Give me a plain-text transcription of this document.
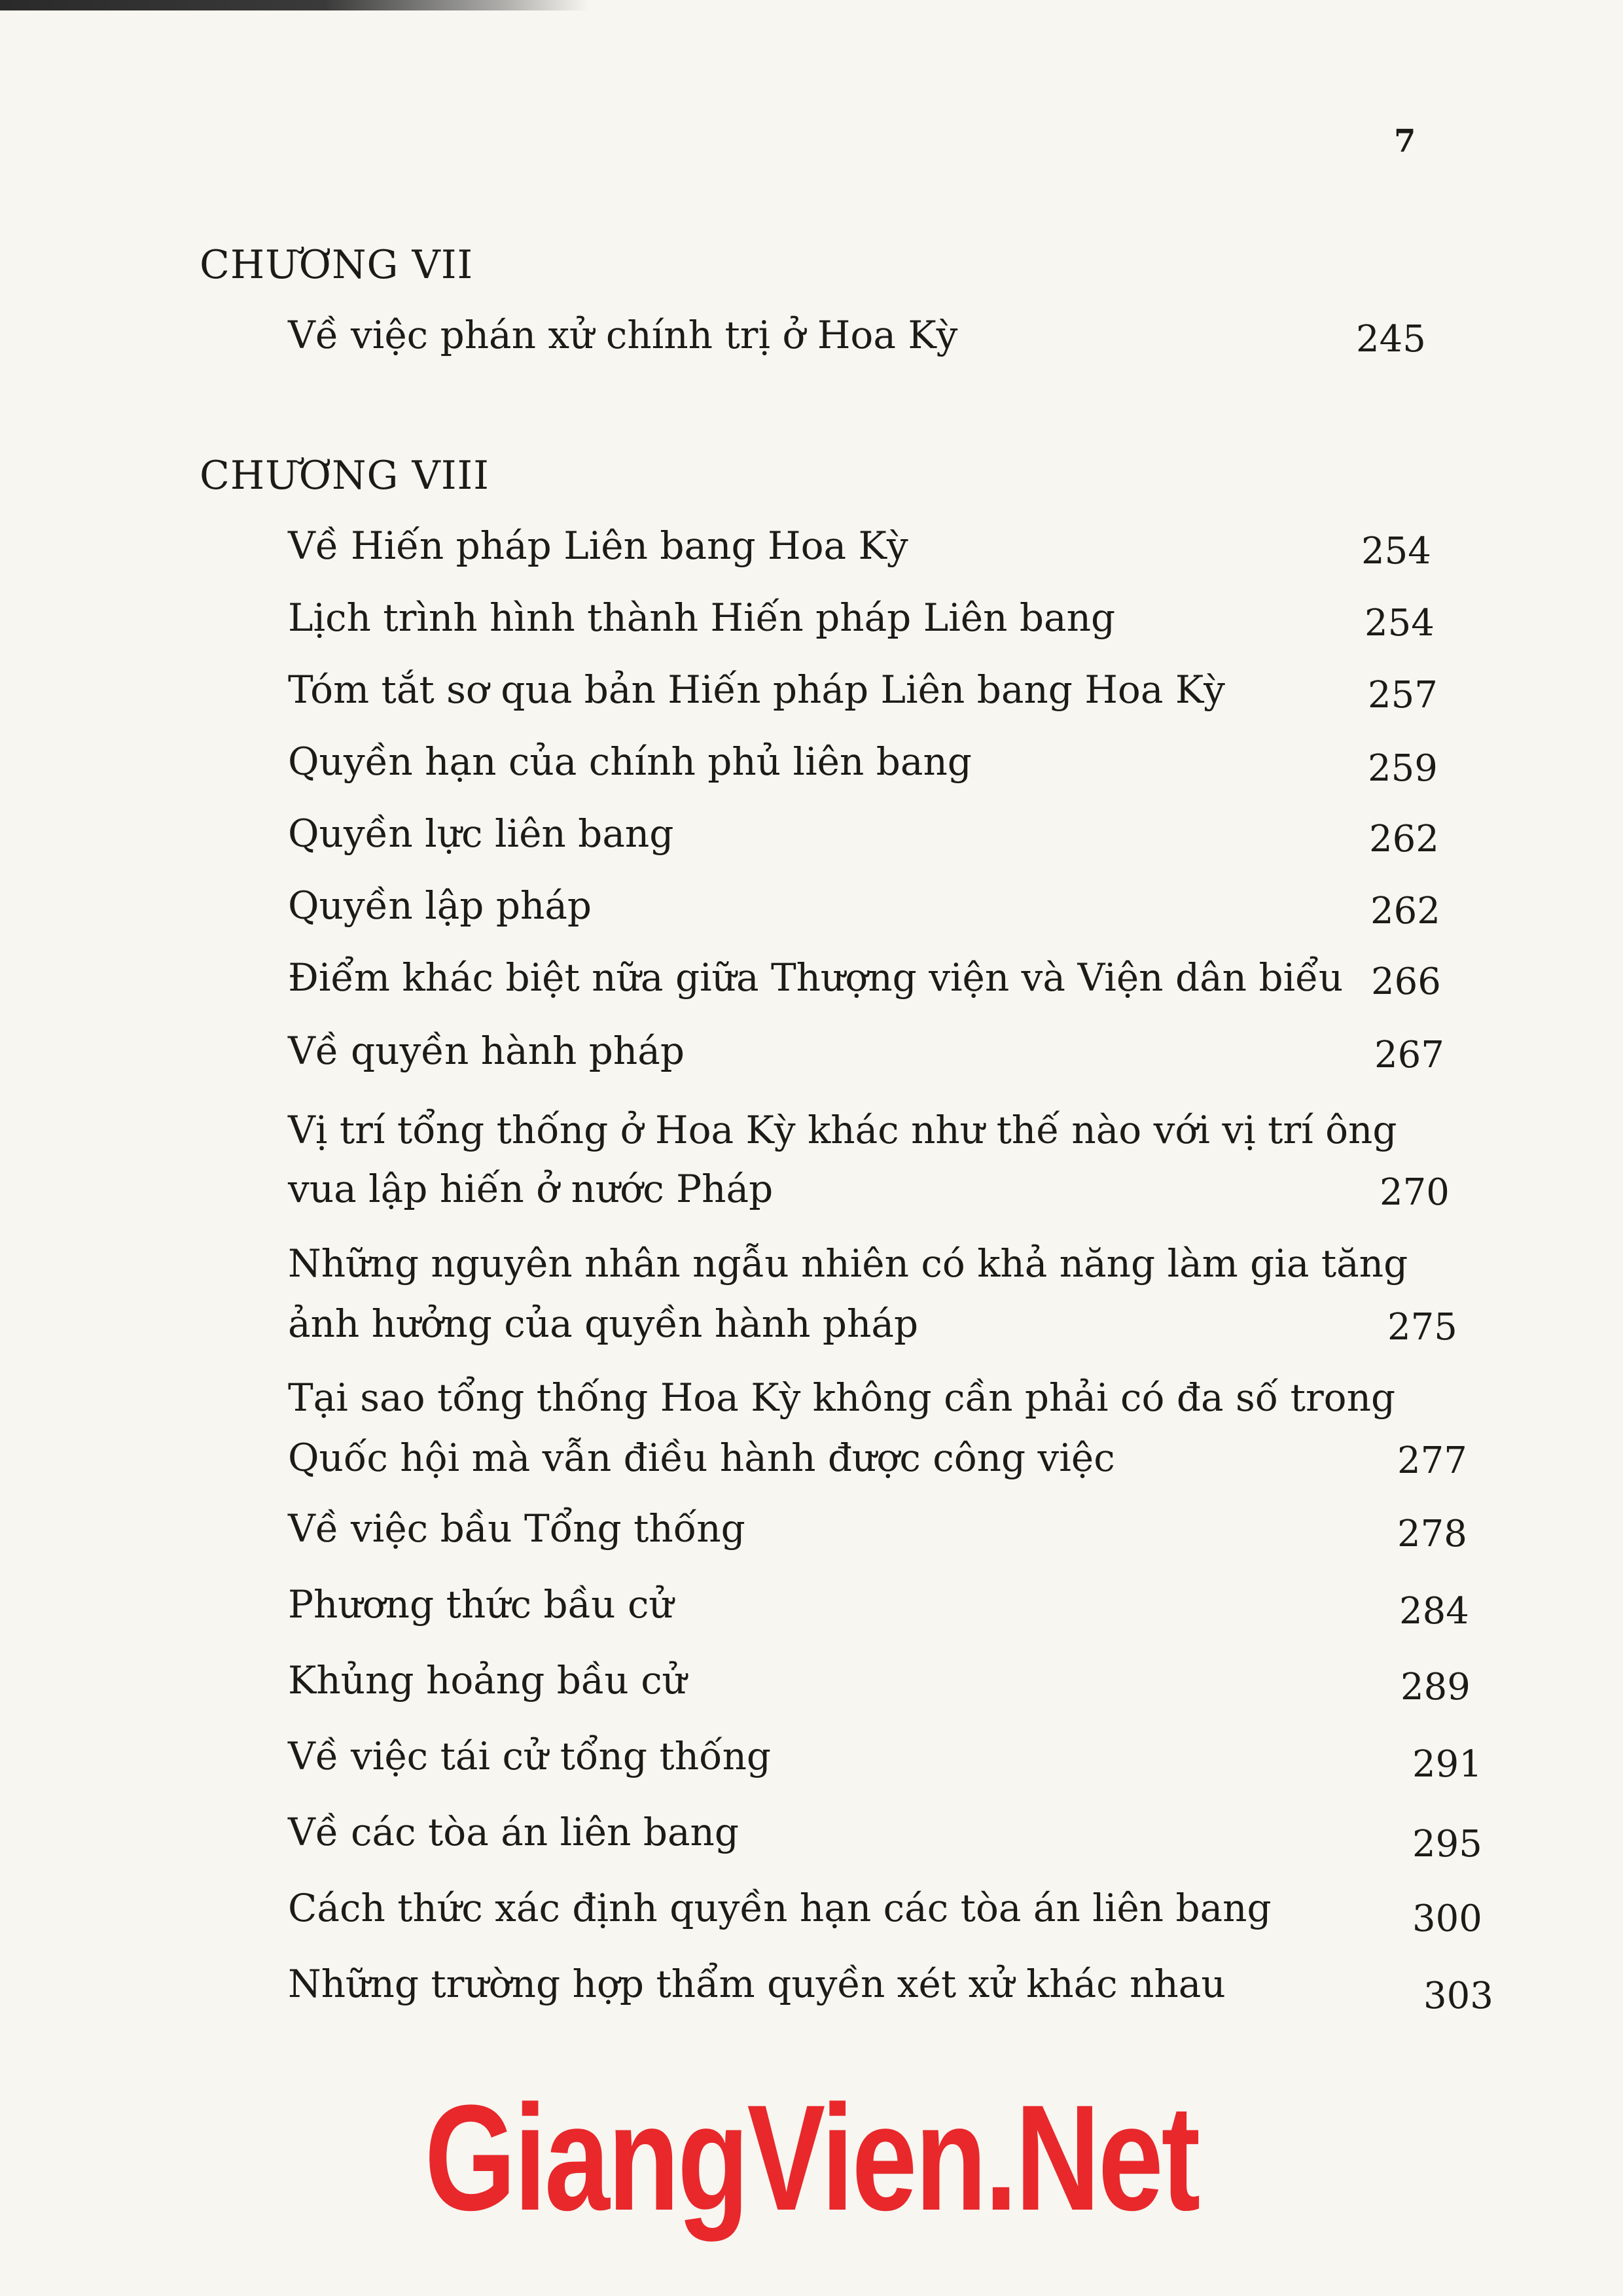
7
CHƯƠNG VII
Về việc phán xử chính trị ở Hoa Kỳ	245
CHƯƠNG VIII
Về Hiến pháp Liên bang Hoa Kỳ	254
Lịch trình hình thành Hiến pháp Liên bang	254
Tóm tắt sơ qua bản Hiến pháp Liên bang Hoa Kỳ	257
Quyền hạn của chính phủ liên bang	259
Quyền lực liên bang	262
Quyền lập pháp	262
Điểm khác biệt nữa giữa Thượng viện và Viện dân biểu 266
Về quyền hành pháp	267
Vị trí tổng thống ở Hoa Kỳ khác như thế nào với vị trí ông
vua lập hiến ở nước Pháp	270
Những nguyên nhân ngẫu nhiên có khả năng làm gia tăng
ảnh hưởng của quyền hành pháp	275
Tại sao tổng thống Hoa Kỳ không cần phải có đa số trong
Quốc hội mà vẫn điều hành được công việc	277
Về việc bầu Tổng thống	278
Phương thức bầu cử	284
Khủng hoảng bầu cử	289
Về việc tái cử tổng thống	291
Về các tòa án liên bang	295
Cách thức xác định quyền hạn các tòa án liên bang	300
Những trường hợp thẩm quyền xét xử khác nhau	303
GiangVien.Net
